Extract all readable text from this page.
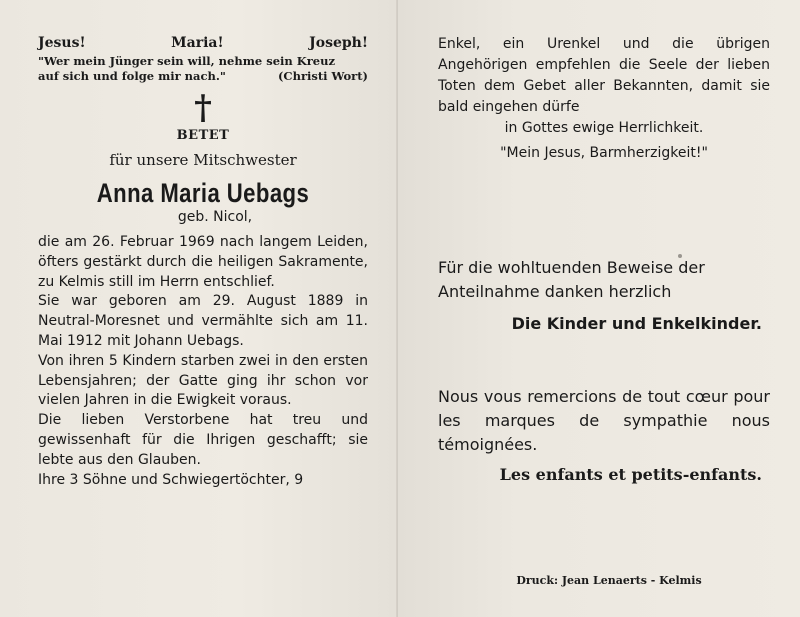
Jesus!	Maria!	Joseph!
"Wer mein Jünger sein will, nehme sein Kreuz
auf sich und folge mir nach."	(Christi Wort)
†
BETET
für unsere Mitschwester
Anna Maria Uebags
geb. Nicol,

die am 26. Februar 1969 nach langem Leiden, öfters gestärkt durch die heiligen Sakramente, zu Kelmis still im Herrn entschlief.

Sie war geboren am 29. August 1889 in Neutral-Moresnet und vermählte sich am 11. Mai 1912 mit Johann Uebags.

Von ihren 5 Kindern starben zwei in den ersten Lebensjahren; der Gatte ging ihr schon vor vielen Jahren in die Ewigkeit voraus.

Die lieben Verstorbene hat treu und gewissenhaft für die Ihrigen geschafft; sie lebte aus den Glauben.

Ihre 3 Söhne und Schwiegertöchter, 9

Enkel, ein Urenkel und die übrigen Angehörigen empfehlen die Seele der lieben Toten dem Gebet aller Bekannten, damit sie bald eingehen dürfe
in Gottes ewige Herrlichkeit.
"Mein Jesus, Barmherzigkeit!"
Für die wohltuenden Beweise der Anteilnahme danken herzlich
Die Kinder und Enkelkinder.
Nous vous remercions de tout cœur pour les marques de sympathie nous témoignées.
Les enfants et petits-enfants.
Druck: Jean Lenaerts - Kelmis
